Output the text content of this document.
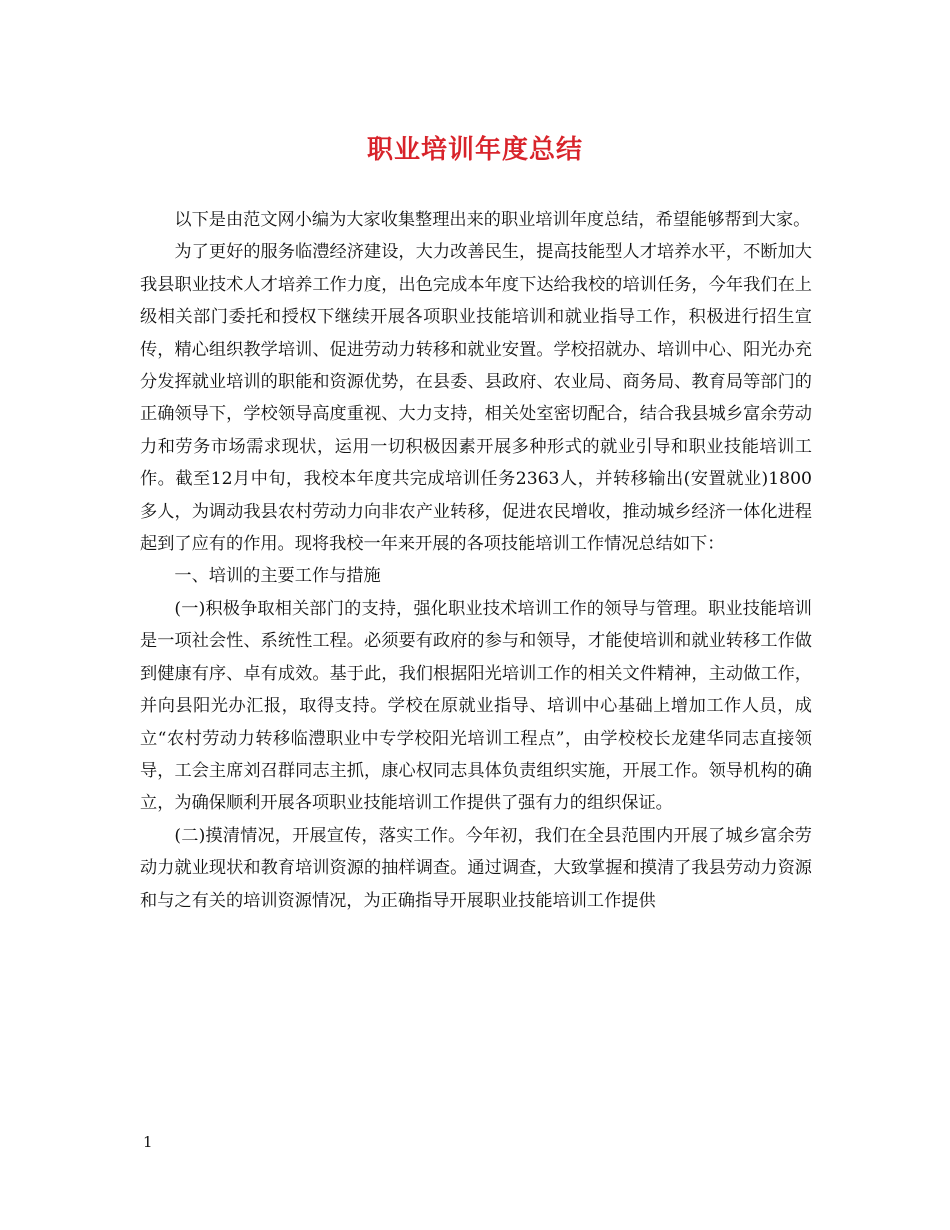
职业培训年度总结

以下是由范文网小编为大家收集整理出来的职业培训年度总结，希望能够帮到大家。

为了更好的服务临澧经济建设，大力改善民生，提高技能型人才培养水平，不断加大我县职业技术人才培养工作力度，出色完成本年度下达给我校的培训任务，今年我们在上级相关部门委托和授权下继续开展各项职业技能培训和就业指导工作，积极进行招生宣传，精心组织教学培训、促进劳动力转移和就业安置。学校招就办、培训中心、阳光办充分发挥就业培训的职能和资源优势，在县委、县政府、农业局、商务局、教育局等部门的正确领导下，学校领导高度重视、大力支持，相关处室密切配合，结合我县城乡富余劳动力和劳务市场需求现状，运用一切积极因素开展多种形式的就业引导和职业技能培训工作。截至12月中旬，我校本年度共完成培训任务2363人，并转移输出(安置就业)1800多人，为调动我县农村劳动力向非农产业转移，促进农民增收，推动城乡经济一体化进程起到了应有的作用。现将我校一年来开展的各项技能培训工作情况总结如下：

一、培训的主要工作与措施

(一)积极争取相关部门的支持，强化职业技术培训工作的领导与管理。职业技能培训是一项社会性、系统性工程。必须要有政府的参与和领导，才能使培训和就业转移工作做到健康有序、卓有成效。基于此，我们根据阳光培训工作的相关文件精神，主动做工作，并向县阳光办汇报，取得支持。学校在原就业指导、培训中心基础上增加工作人员，成立“农村劳动力转移临澧职业中专学校阳光培训工程点”，由学校校长龙建华同志直接领导，工会主席刘召群同志主抓，康心权同志具体负责组织实施，开展工作。领导机构的确立，为确保顺利开展各项职业技能培训工作提供了强有力的组织保证。

(二)摸清情况，开展宣传，落实工作。今年初，我们在全县范围内开展了城乡富余劳动力就业现状和教育培训资源的抽样调查。通过调查，大致掌握和摸清了我县劳动力资源和与之有关的培训资源情况，为正确指导开展职业技能培训工作提供

1
